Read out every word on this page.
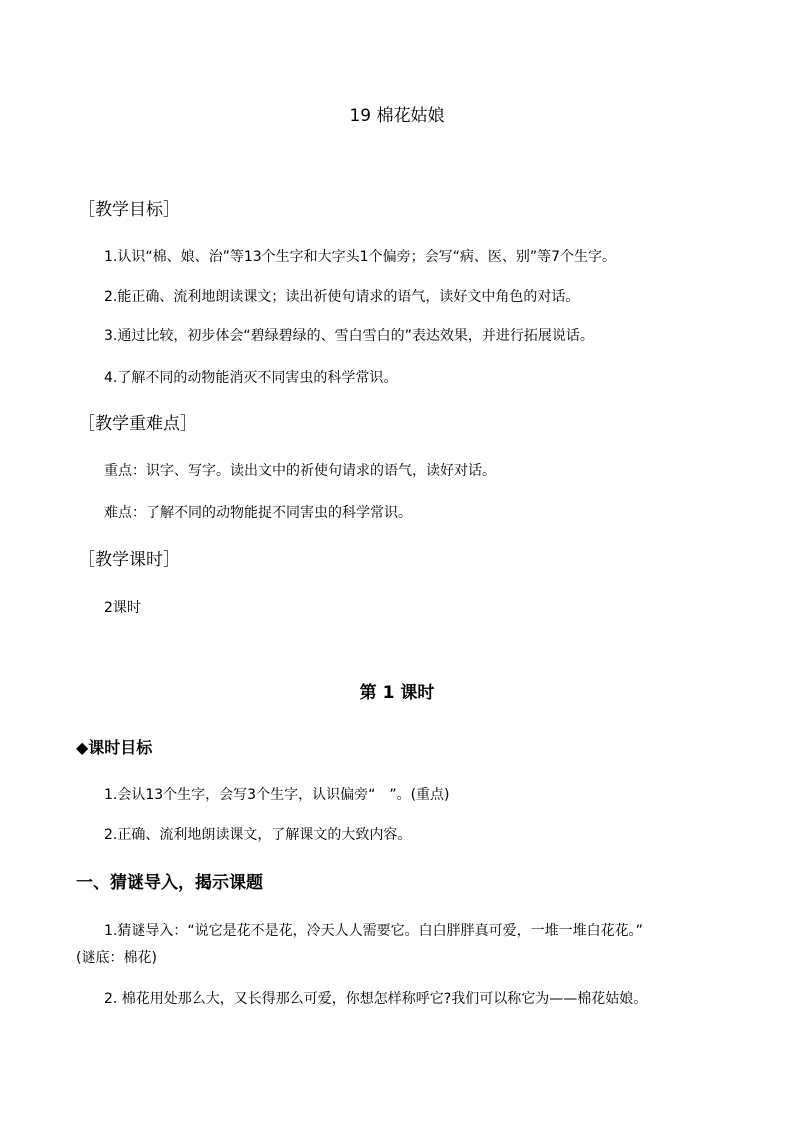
19 棉花姑娘
［教学目标］
1.认识“棉、娘、治”等13个生字和大字头1个偏旁；会写“病、医、别”等7个生字。
2.能正确、流利地朗读课文；读出祈使句请求的语气，读好文中角色的对话。
3.通过比较，初步体会“碧绿碧绿的、雪白雪白的”表达效果，并进行拓展说话。
4.了解不同的动物能消灭不同害虫的科学常识。
［教学重难点］
重点：识字、写字。读出文中的祈使句请求的语气，读好对话。
难点：了解不同的动物能捉不同害虫的科学常识。
［教学课时］
2课时
第 1 课时
◆课时目标
1.会认13个生字，会写3个生字，认识偏旁“　”。(重点)
2.正确、流利地朗读课文，了解课文的大致内容。
一、猜谜导入，揭示课题
1.猜谜导入：“说它是花不是花，冷天人人需要它。白白胖胖真可爱，一堆一堆白花花。”
(谜底：棉花)
2. 棉花用处那么大，又长得那么可爱，你想怎样称呼它?我们可以称它为——棉花姑娘。
